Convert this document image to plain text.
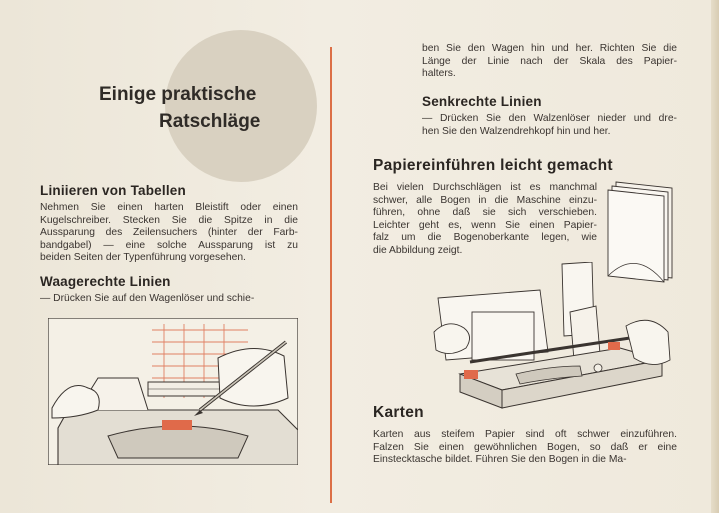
Einige praktische
Ratschläge
Liniieren von Tabellen
Nehmen Sie einen harten Bleistift oder einen
Kugelschreiber. Stecken Sie die Spitze in die
Aussparung des Zeilensuchers (hinter der Farb-
bandgabel) — eine solche Aussparung ist zu
beiden Seiten der Typenführung vorgesehen.
Waagerechte Linien
— Drücken Sie auf den Wagenlöser und schie-
ben Sie den Wagen hin und her. Richten Sie die
Länge der Linie nach der Skala des Papier-
halters.
Senkrechte Linien
— Drücken Sie den Walzenlöser nieder und dre-
hen Sie den Walzendrehkopf hin und her.
Papiereinführen leicht gemacht
Bei vielen Durchschlägen ist es manchmal
schwer, alle Bogen in die Maschine einzu-
führen, ohne daß sie sich verschieben.
Leichter geht es, wenn Sie einen Papier-
falz um die Bogenoberkante legen, wie
die Abbildung zeigt.
Karten
Karten aus steifem Papier sind oft schwer einzuführen.
Falzen Sie einen gewöhnlichen Bogen, so daß er eine
Einstecktasche bildet. Führen Sie den Bogen in die Ma-
